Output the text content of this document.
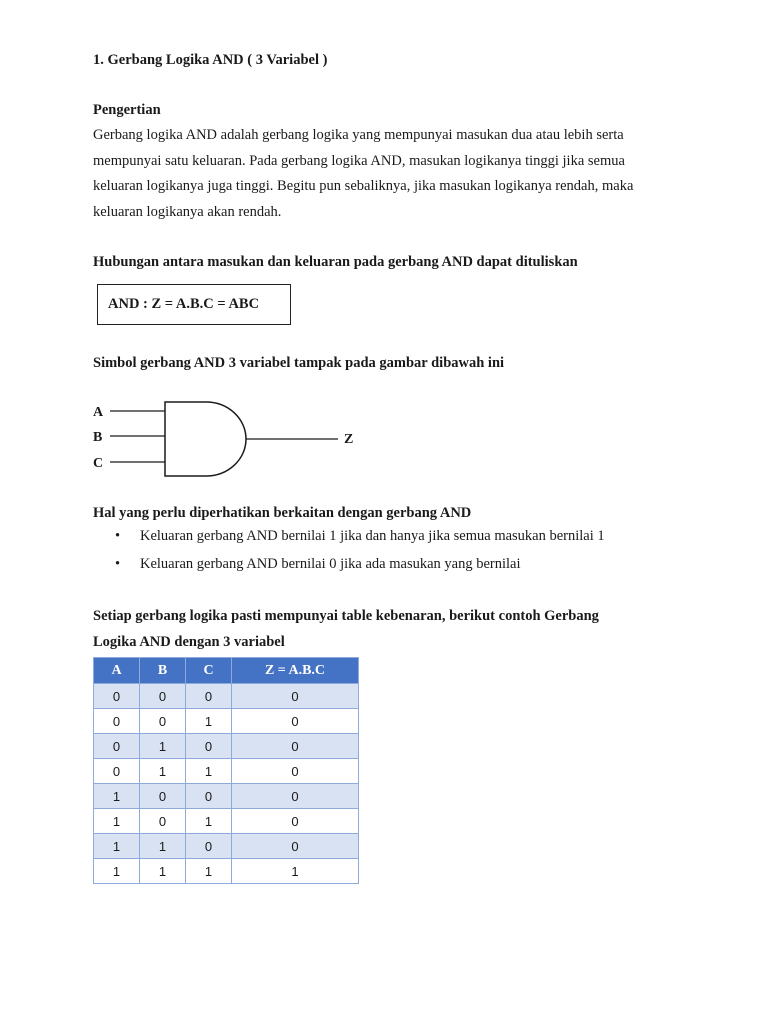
1. Gerbang Logika AND ( 3 Variabel )
Pengertian
Gerbang logika AND adalah gerbang logika yang mempunyai masukan dua atau lebih serta
mempunyai satu keluaran. Pada gerbang logika AND, masukan logikanya tinggi jika semua
keluaran logikanya juga tinggi. Begitu pun sebaliknya, jika masukan logikanya rendah, maka
keluaran logikanya akan rendah.
Hubungan antara masukan dan keluaran pada gerbang AND dapat dituliskan
AND : Z = A.B.C = ABC
Simbol gerbang AND 3 variabel tampak pada gambar dibawah ini
A
B
C
Z
Hal yang perlu diperhatikan berkaitan dengan gerbang AND
• Keluaran gerbang AND bernilai 1 jika dan hanya jika semua masukan bernilai 1
• Keluaran gerbang AND bernilai 0 jika ada masukan yang bernilai
Setiap gerbang logika pasti mempunyai table kebenaran, berikut contoh Gerbang
Logika AND dengan 3 variabel
A	B	C	Z = A.B.C
0	0	0	0
0	0	1	0
0	1	0	0
0	1	1	0
1	0	0	0
1	0	1	0
1	1	0	0
1	1	1	1
